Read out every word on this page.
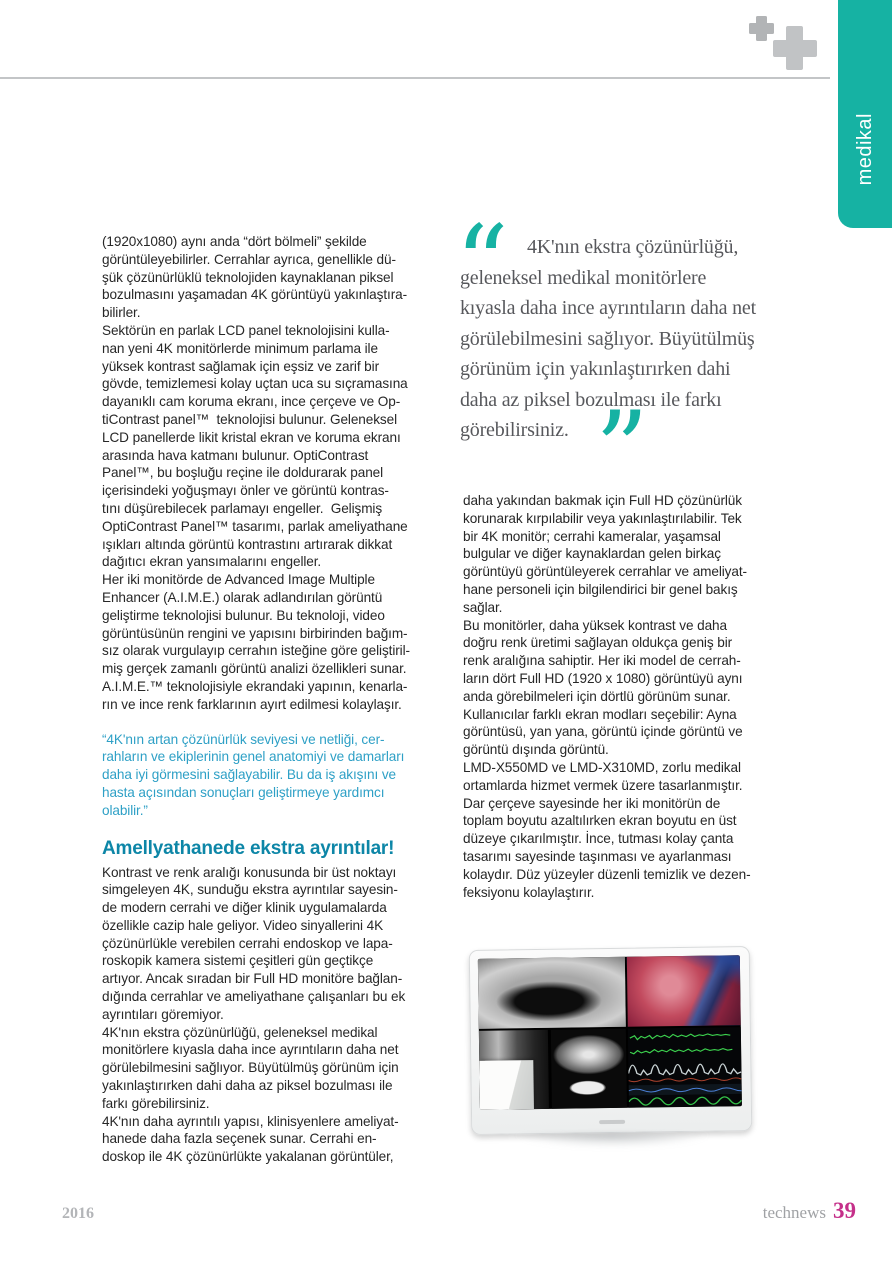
medikal
“ 4K'nın ekstra çözünürlüğü,
geleneksel medikal monitörlere
kıyasla daha ince ayrıntıların daha net
görülebilmesini sağlıyor. Büyütülmüş
görünüm için yakınlaştırırken dahi
daha az piksel bozulması ile farkı
görebilirsiniz. ”
(1920x1080) aynı anda “dört bölmeli” şekilde
görüntüleyebilirler. Cerrahlar ayrıca, genellikle dü-
şük çözünürlüklü teknolojiden kaynaklanan piksel
bozulmasını yaşamadan 4K görüntüyü yakınlaştıra-
bilirler.
Sektörün en parlak LCD panel teknolojisini kulla-
nan yeni 4K monitörlerde minimum parlama ile
yüksek kontrast sağlamak için eşsiz ve zarif bir
gövde, temizlemesi kolay uçtan uca su sıçramasına
dayanıklı cam koruma ekranı, ince çerçeve ve Op-
tiContrast panel™  teknolojisi bulunur. Geleneksel
LCD panellerde likit kristal ekran ve koruma ekranı
arasında hava katmanı bulunur. OptiContrast
Panel™, bu boşluğu reçine ile doldurarak panel
içerisindeki yoğuşmayı önler ve görüntü kontras-
tını düşürebilecek parlamayı engeller.  Gelişmiş
OptiContrast Panel™ tasarımı, parlak ameliyathane
ışıkları altında görüntü kontrastını artırarak dikkat
dağıtıcı ekran yansımalarını engeller.
Her iki monitörde de Advanced Image Multiple
Enhancer (A.I.M.E.) olarak adlandırılan görüntü
geliştirme teknolojisi bulunur. Bu teknoloji, video
görüntüsünün rengini ve yapısını birbirinden bağım-
sız olarak vurgulayıp cerrahın isteğine göre geliştiril-
miş gerçek zamanlı görüntü analizi özellikleri sunar.
A.I.M.E.™ teknolojisiyle ekrandaki yapının, kenarla-
rın ve ince renk farklarının ayırt edilmesi kolaylaşır.
“4K'nın artan çözünürlük seviyesi ve netliği, cer-
rahların ve ekiplerinin genel anatomiyi ve damarları
daha iyi görmesini sağlayabilir. Bu da iş akışını ve
hasta açısından sonuçları geliştirmeye yardımcı
olabilir.”
Amellyathanede ekstra ayrıntılar!
Kontrast ve renk aralığı konusunda bir üst noktayı
simgeleyen 4K, sunduğu ekstra ayrıntılar sayesin-
de modern cerrahi ve diğer klinik uygulamalarda
özellikle cazip hale geliyor. Video sinyallerini 4K
çözünürlükle verebilen cerrahi endoskop ve lapa-
roskopik kamera sistemi çeşitleri gün geçtikçe
artıyor. Ancak sıradan bir Full HD monitöre bağlan-
dığında cerrahlar ve ameliyathane çalışanları bu ek
ayrıntıları göremiyor.
4K'nın ekstra çözünürlüğü, geleneksel medikal
monitörlere kıyasla daha ince ayrıntıların daha net
görülebilmesini sağlıyor. Büyütülmüş görünüm için
yakınlaştırırken dahi daha az piksel bozulması ile
farkı görebilirsiniz.
4K'nın daha ayrıntılı yapısı, klinisyenlere ameliyat-
hanede daha fazla seçenek sunar. Cerrahi en-
doskop ile 4K çözünürlükte yakalanan görüntüler,
daha yakından bakmak için Full HD çözünürlük
korunarak kırpılabilir veya yakınlaştırılabilir. Tek
bir 4K monitör; cerrahi kameralar, yaşamsal
bulgular ve diğer kaynaklardan gelen birkaç
görüntüyü görüntüleyerek cerrahlar ve ameliyat-
hane personeli için bilgilendirici bir genel bakış
sağlar.
Bu monitörler, daha yüksek kontrast ve daha
doğru renk üretimi sağlayan oldukça geniş bir
renk aralığına sahiptir. Her iki model de cerrah-
ların dört Full HD (1920 x 1080) görüntüyü aynı
anda görebilmeleri için dörtlü görünüm sunar.
Kullanıcılar farklı ekran modları seçebilir: Ayna
görüntüsü, yan yana, görüntü içinde görüntü ve
görüntü dışında görüntü.
LMD-X550MD ve LMD-X310MD, zorlu medikal
ortamlarda hizmet vermek üzere tasarlanmıştır.
Dar çerçeve sayesinde her iki monitörün de
toplam boyutu azaltılırken ekran boyutu en üst
düzeye çıkarılmıştır. İnce, tutması kolay çanta
tasarımı sayesinde taşınması ve ayarlanması
kolaydır. Düz yüzeyler düzenli temizlik ve dezen-
feksiyonu kolaylaştırır.
2016	technews 39
